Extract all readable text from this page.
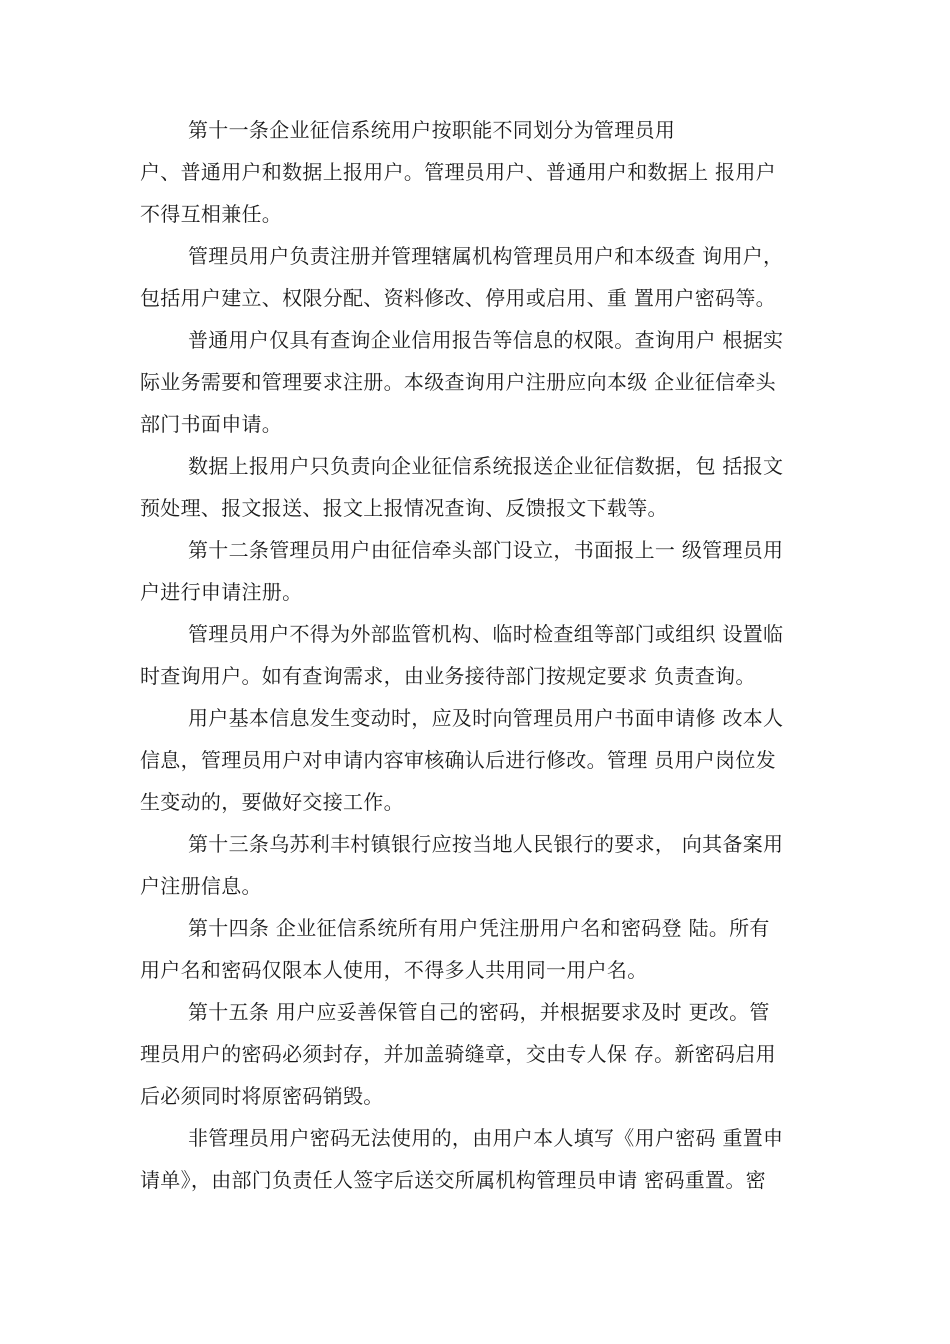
第十一条企业征信系统用户按职能不同划分为管理员用
户、普通用户和数据上报用户。管理员用户、普通用户和数据上 报用户
不得互相兼任。
管理员用户负责注册并管理辖属机构管理员用户和本级查 询用户，
包括用户建立、权限分配、资料修改、停用或启用、重 置用户密码等。
普通用户仅具有查询企业信用报告等信息的权限。查询用户 根据实
际业务需要和管理要求注册。本级查询用户注册应向本级 企业征信牵头
部门书面申请。
数据上报用户只负责向企业征信系统报送企业征信数据，包 括报文
预处理、报文报送、报文上报情况查询、反馈报文下载等。
第十二条管理员用户由征信牵头部门设立，书面报上一 级管理员用
户进行申请注册。
管理员用户不得为外部监管机构、临时检查组等部门或组织 设置临
时查询用户。如有查询需求，由业务接待部门按规定要求 负责查询。
用户基本信息发生变动时，应及时向管理员用户书面申请修 改本人
信息，管理员用户对申请内容审核确认后进行修改。管理 员用户岗位发
生变动的，要做好交接工作。
第十三条乌苏利丰村镇银行应按当地人民银行的要求， 向其备案用
户注册信息。
第十四条 企业征信系统所有用户凭注册用户名和密码登 陆。所有
用户名和密码仅限本人使用，不得多人共用同一用户名。
第十五条 用户应妥善保管自己的密码，并根据要求及时 更改。管
理员用户的密码必须封存，并加盖骑缝章，交由专人保 存。新密码启用
后必须同时将原密码销毁。
非管理员用户密码无法使用的，由用户本人填写《用户密码 重置申
请单》，由部门负责任人签字后送交所属机构管理员申请 密码重置。密
